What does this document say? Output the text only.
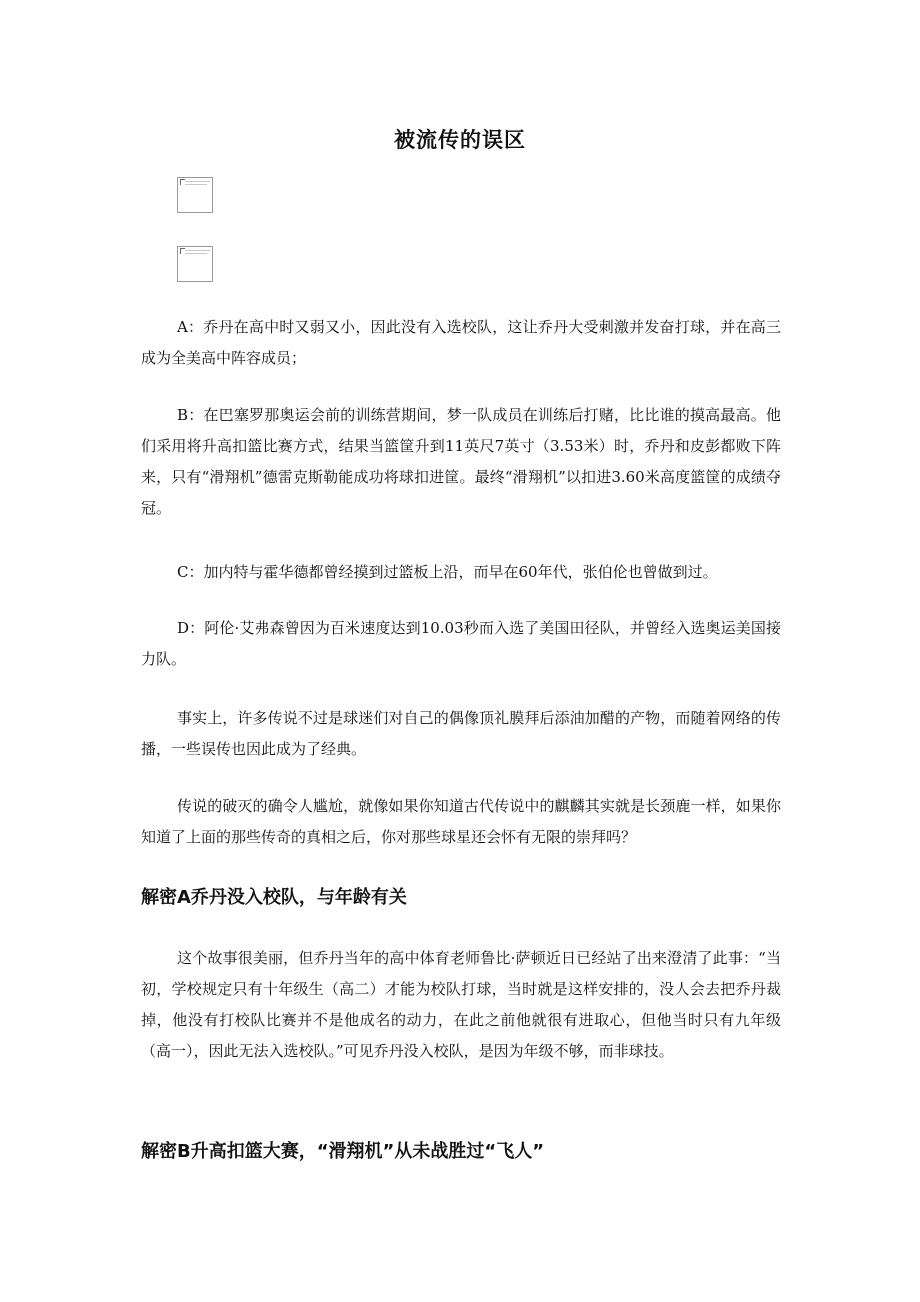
被流传的误区

A：乔丹在高中时又弱又小，因此没有入选校队，这让乔丹大受刺激并发奋打球，并在高三成为全美高中阵容成员；

B：在巴塞罗那奥运会前的训练营期间，梦一队成员在训练后打赌，比比谁的摸高最高。他们采用将升高扣篮比赛方式，结果当篮筐升到11英尺7英寸（3.53米）时，乔丹和皮彭都败下阵来，只有“滑翔机”德雷克斯勒能成功将球扣进筐。最终“滑翔机”以扣进3.60米高度篮筐的成绩夺冠。

C：加内特与霍华德都曾经摸到过篮板上沿，而早在60年代，张伯伦也曾做到过。

D：阿伦·艾弗森曾因为百米速度达到10.03秒而入选了美国田径队，并曾经入选奥运美国接力队。

事实上，许多传说不过是球迷们对自己的偶像顶礼膜拜后添油加醋的产物，而随着网络的传播，一些误传也因此成为了经典。

传说的破灭的确令人尴尬，就像如果你知道古代传说中的麒麟其实就是长颈鹿一样，如果你知道了上面的那些传奇的真相之后，你对那些球星还会怀有无限的崇拜吗？

解密A乔丹没入校队，与年龄有关

这个故事很美丽，但乔丹当年的高中体育老师鲁比·萨顿近日已经站了出来澄清了此事：“当初，学校规定只有十年级生（高二）才能为校队打球，当时就是这样安排的，没人会去把乔丹裁掉，他没有打校队比赛并不是他成名的动力，在此之前他就很有进取心，但他当时只有九年级（高一），因此无法入选校队。”可见乔丹没入校队，是因为年级不够，而非球技。

解密B升高扣篮大赛，“滑翔机”从未战胜过“飞人”
